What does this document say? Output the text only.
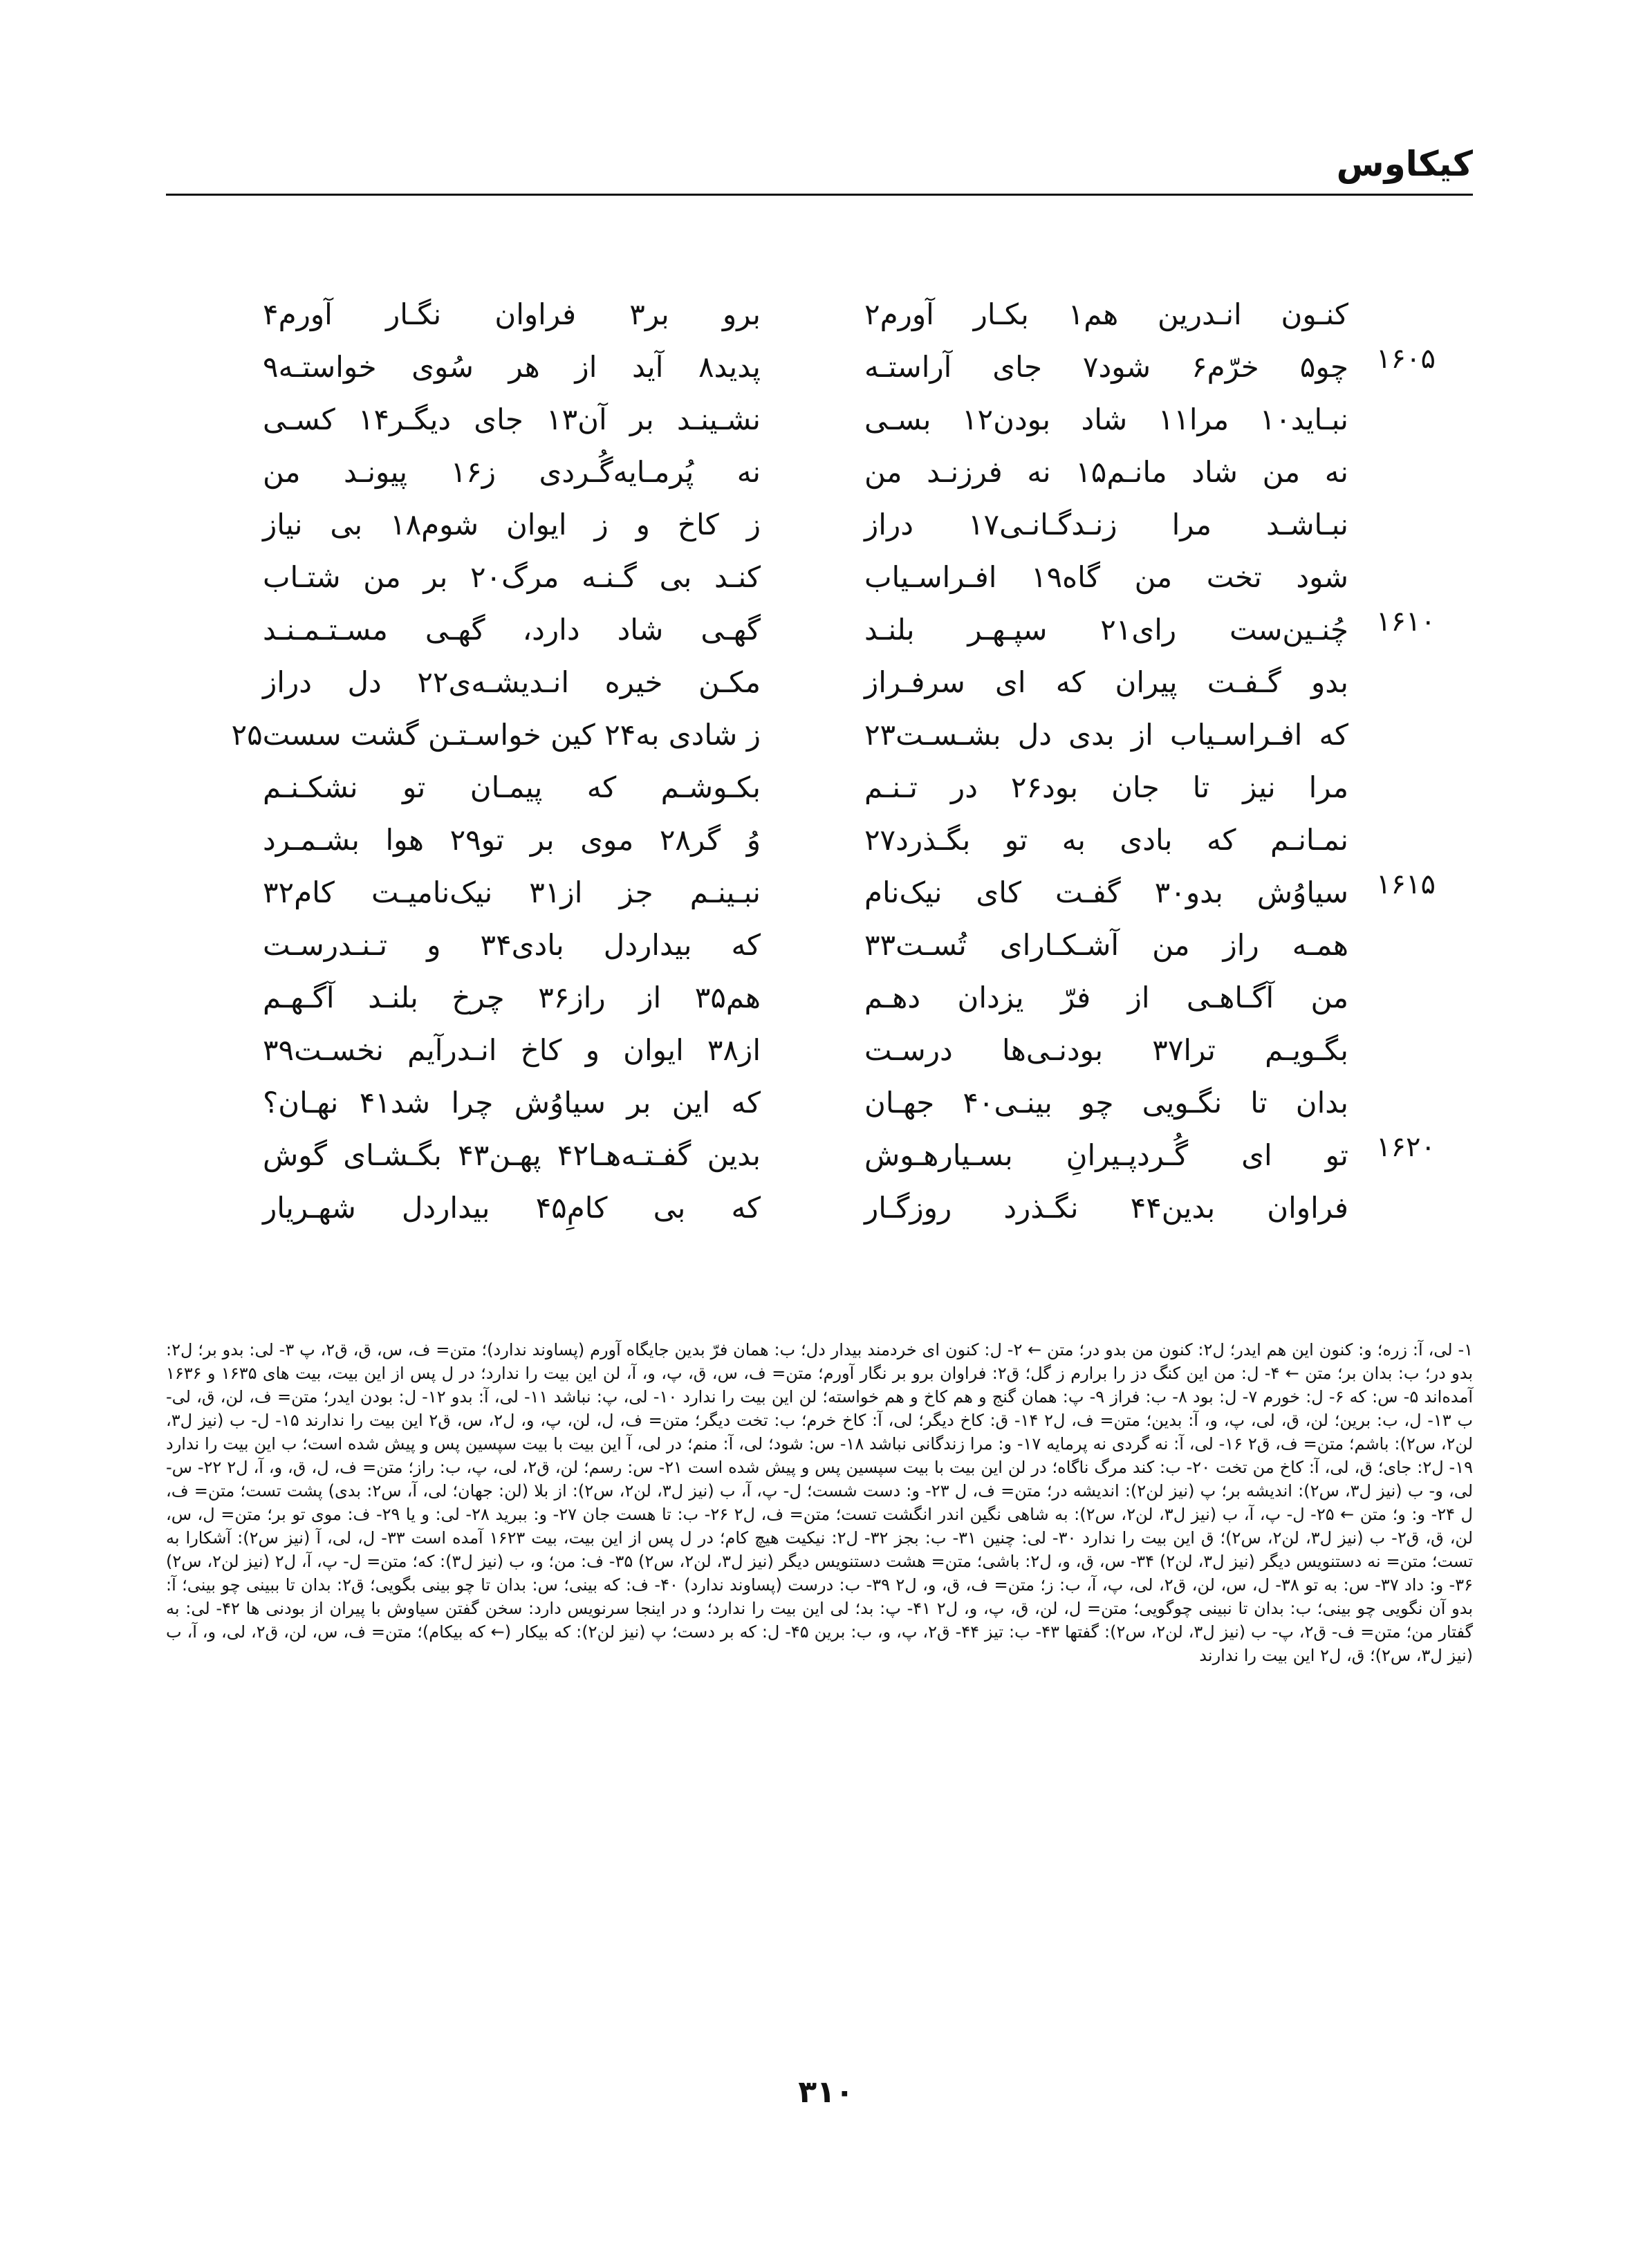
کیکاوس
کنـون انـدرین هم۱ بکـار آورم۲
برو بر۳ فراوان نگـار آورم۴
۱۶۰۵
چو۵ خرّم۶ شود۷ جای آراستـه
پدید۸ آید از هر سُوی خواستـه۹
نبـاید۱۰ مرا۱۱ شاد بودن۱۲ بسـی
نشـینـد بر آن۱۳ جای دیگـر۱۴ کسـی
نه من شاد مانـم۱۵ نه فرزنـد من
نه پُرمـایه‌گُـردی ز۱۶ پیونـد من
نبـاشـد مرا زنـدگـانـی۱۷ دراز
ز کاخ و ز ایوان شوم۱۸ بی نیاز
شود تخت من گاه۱۹ افـراسـیاب
کنـد بی گـنـه مرگ۲۰ بر من شتـاب
۱۶۱۰
چُنـین‌ست رای۲۱ سپـهـر بلنـد
گهـی شاد دارد، گهـی مسـتـمـنـد
بدو گـفـت پیران که ای سرفـراز
مکـن خیره انـدیشـه‌ی۲۲ دل دراز
که افـراسـیاب از بدی دل بشـسـت۲۳
ز شادی به۲۴ کین خواسـتـن گشت سست۲۵
مرا نیز تا جان بود۲۶ در تـنـم
بکـوشـم که پیمـان تو نشکـنـم
نمـانـم که بادی به تو بگـذرد۲۷
وُ گر۲۸ موی بر تو۲۹ هوا بشـمـرد
۱۶۱۵
سیاوُش بدو۳۰ گفـت کای نیک‌نام
نبـینـم جز از۳۱ نیک‌نامیـت کام۳۲
همـه راز من آشـکـارای تُسـت۳۳
که بیداردل بادی۳۴ و تـنـدرسـت
من آگـاهـی از فرّ یزدان دهـم
هم۳۵ از راز۳۶ چرخ بلنـد آگـهـم
بگـویـم ترا۳۷ بودنـی‌ها درسـت
از۳۸ ایوان و کاخ انـدرآیم نخسـت۳۹
بدان تا نگـویی چو بینـی۴۰ جهـان
که این بر سیاوُش چرا شد۴۱ نهـان؟
۱۶۲۰
تو ای گُـردپـیرانِ بسـیارهـوش
بدین گفـتـه‌هـا۴۲ پهـن۴۳ بگـشـای گوش
فراوان بدین۴۴ نگـذرد روزگـار
که بی کامِ۴۵ بیداردل شهـریار

۱- لی، آ: زره؛ و: کنون این هم ایدر؛ ل۲: کنون من بدو در؛ متن ← ۲- ل: کنون ای خردمند بیدار دل؛ ب: همان فرّ بدین جایگاه آورم (پساوند ندارد)؛ متن= ف، س، ق، ق۲، پ ۳- لی: بدو بر؛ ل۲: بدو در؛ ب: بدان بر؛ متن ← ۴- ل: من این کنگ دز را برارم ز گل؛ ق۲: فراوان برو بر نگار آورم؛ متن= ف، س، ق، پ، و، آ، لن این بیت را ندارد؛ در ل پس از این بیت، بیت های ۱۶۳۵ و ۱۶۳۶ آمده‌اند ۵- س: که ۶- ل: خورم ۷- ل: بود ۸- ب: فراز ۹- پ: همان گنج و هم کاخ و هم خواسته؛ لن این بیت را ندارد ۱۰- لی، پ: نباشد ۱۱- لی، آ: بدو ۱۲- ل: بودن ایدر؛ متن= ف، لن، ق، لی- ب ۱۳- ل، ب: برین؛ لن، ق، لی، پ، و، آ: بدین؛ متن= ف، ل۲ ۱۴- ق: کاخ دیگر؛ لی، آ: کاخ خرم؛ ب: تخت دیگر؛ متن= ف، ل، لن، پ، و، ل۲، س، ق۲ این بیت را ندارند ۱۵- ل- ب (نیز ل۳، لن۲، س۲): باشم؛ متن= ف، ق۲ ۱۶- لی، آ: نه گردی نه پرمایه ۱۷- و: مرا زندگانی نباشد ۱۸- س: شود؛ لی، آ: منم؛ در لی، آ این بیت با بیت سپسین پس و پیش شده است؛ ب این بیت را ندارد ۱۹- ل۲: جای؛ ق، لی، آ: کاخ من تخت ۲۰- ب: کند مرگ ناگاه؛ در لن این بیت با بیت سپسین پس و پیش شده است ۲۱- س: رسم؛ لن، ق۲، لی، پ، ب: راز؛ متن= ف، ل، ق، و، آ، ل۲ ۲۲- س- لی، و- ب (نیز ل۳، س۲): اندیشه بر؛ پ (نیز لن۲): اندیشه در؛ متن= ف، ل ۲۳- و: دست شست؛ ل- پ، آ، ب (نیز ل۳، لن۲، س۲): از بلا (لن: جهان؛ لی، آ، س۲: بدی) پشت تست؛ متن= ف، ل ۲۴- و: و؛ متن ← ۲۵- ل- پ، آ، ب (نیز ل۳، لن۲، س۲): به شاهی نگین اندر انگشت تست؛ متن= ف، ل۲ ۲۶- ب: تا هست جان ۲۷- و: ببرید ۲۸- لی: و یا ۲۹- ف: موی تو بر؛ متن= ل، س، لن، ق، ق۲- ب (نیز ل۳، لن۲، س۲)؛ ق این بیت را ندارد ۳۰- لی: چنین ۳۱- ب: بجز ۳۲- ل۲: نیکیت هیچ کام؛ در ل پس از این بیت، بیت ۱۶۲۳ آمده است ۳۳- ل، لی، آ (نیز س۲): آشکارا به تست؛ متن= نه دستنویس دیگر (نیز ل۳، لن۲) ۳۴- س، ق، و، ل۲: باشی؛ متن= هشت دستنویس دیگر (نیز ل۳، لن۲، س۲) ۳۵- ف: من؛ و، ب (نیز ل۳): که؛ متن= ل- پ، آ، ل۲ (نیز لن۲، س۲) ۳۶- و: داد ۳۷- س: به تو ۳۸- ل، س، لن، ق۲، لی، پ، آ، ب: ز؛ متن= ف، ق، و، ل۲ ۳۹- ب: درست (پساوند ندارد) ۴۰- ف: که بینی؛ س: بدان تا چو بینی بگویی؛ ق۲: بدان تا ببینی چو بینی؛ آ: بدو آن نگویی چو بینی؛ ب: بدان تا نبینی چوگویی؛ متن= ل، لن، ق، پ، و، ل۲ ۴۱- پ: بد؛ لی این بیت را ندارد؛ و در اینجا سرنویس دارد: سخن گفتن سیاوش با پیران از بودنی ها ۴۲- لی: به گفتار من؛ متن= ف- ق۲، پ- ب (نیز ل۳، لن۲، س۲): گفتها ۴۳- ب: تیز ۴۴- ق۲، پ، و، ب: برین ۴۵- ل: که بر دست؛ پ (نیز لن۲): که بیکار (← که بیکام)؛ متن= ف، س، لن، ق۲، لی، و، آ، ب (نیز ل۳، س۲)؛ ق، ل۲ این بیت را ندارند

۳۱۰
